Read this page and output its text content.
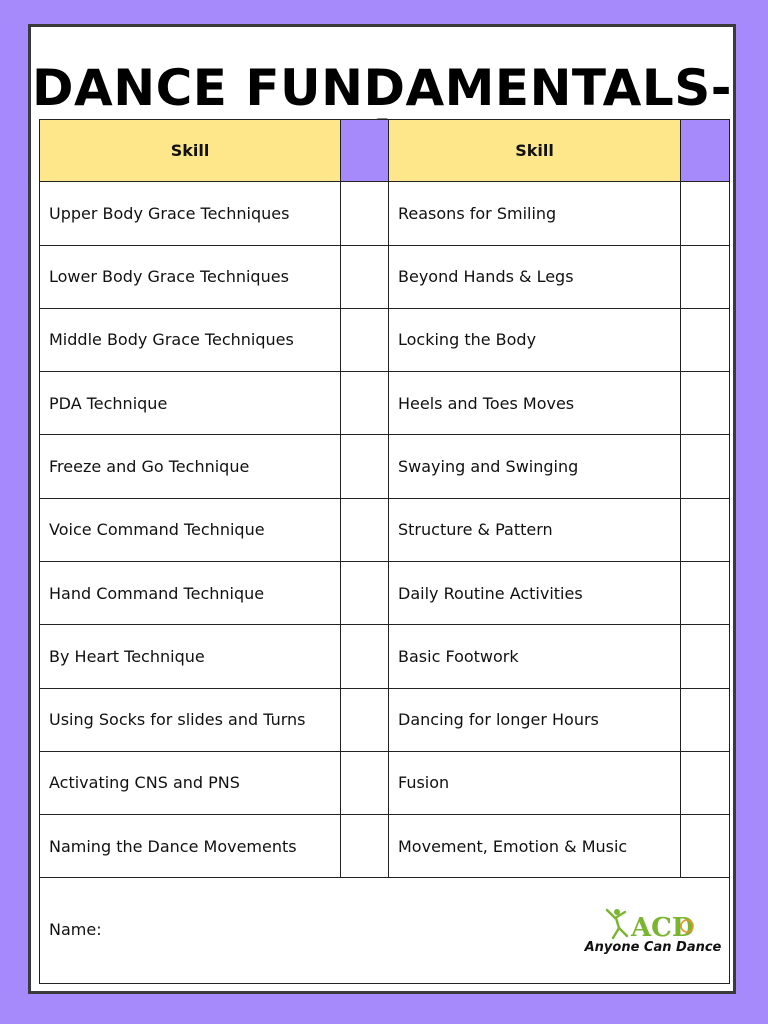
DANCE FUNDAMENTALS-
Skill		Skill	
Upper Body Grace Techniques		Reasons for Smiling	
Lower Body Grace Techniques		Beyond Hands & Legs	
Middle Body Grace Techniques		Locking the Body	
PDA Technique		Heels and Toes Moves	
Freeze and Go Technique		Swaying and Swinging	
Voice Command Technique		Structure & Pattern	
Hand Command Technique		Daily Routine Activities	
By Heart Technique		Basic Footwork	
Using Socks for slides and Turns		Dancing for longer Hours	
Activating CNS and PNS		Fusion	
Naming the Dance Movements		Movement, Emotion & Music	

Name: ACD
Anyone Can Dance			
